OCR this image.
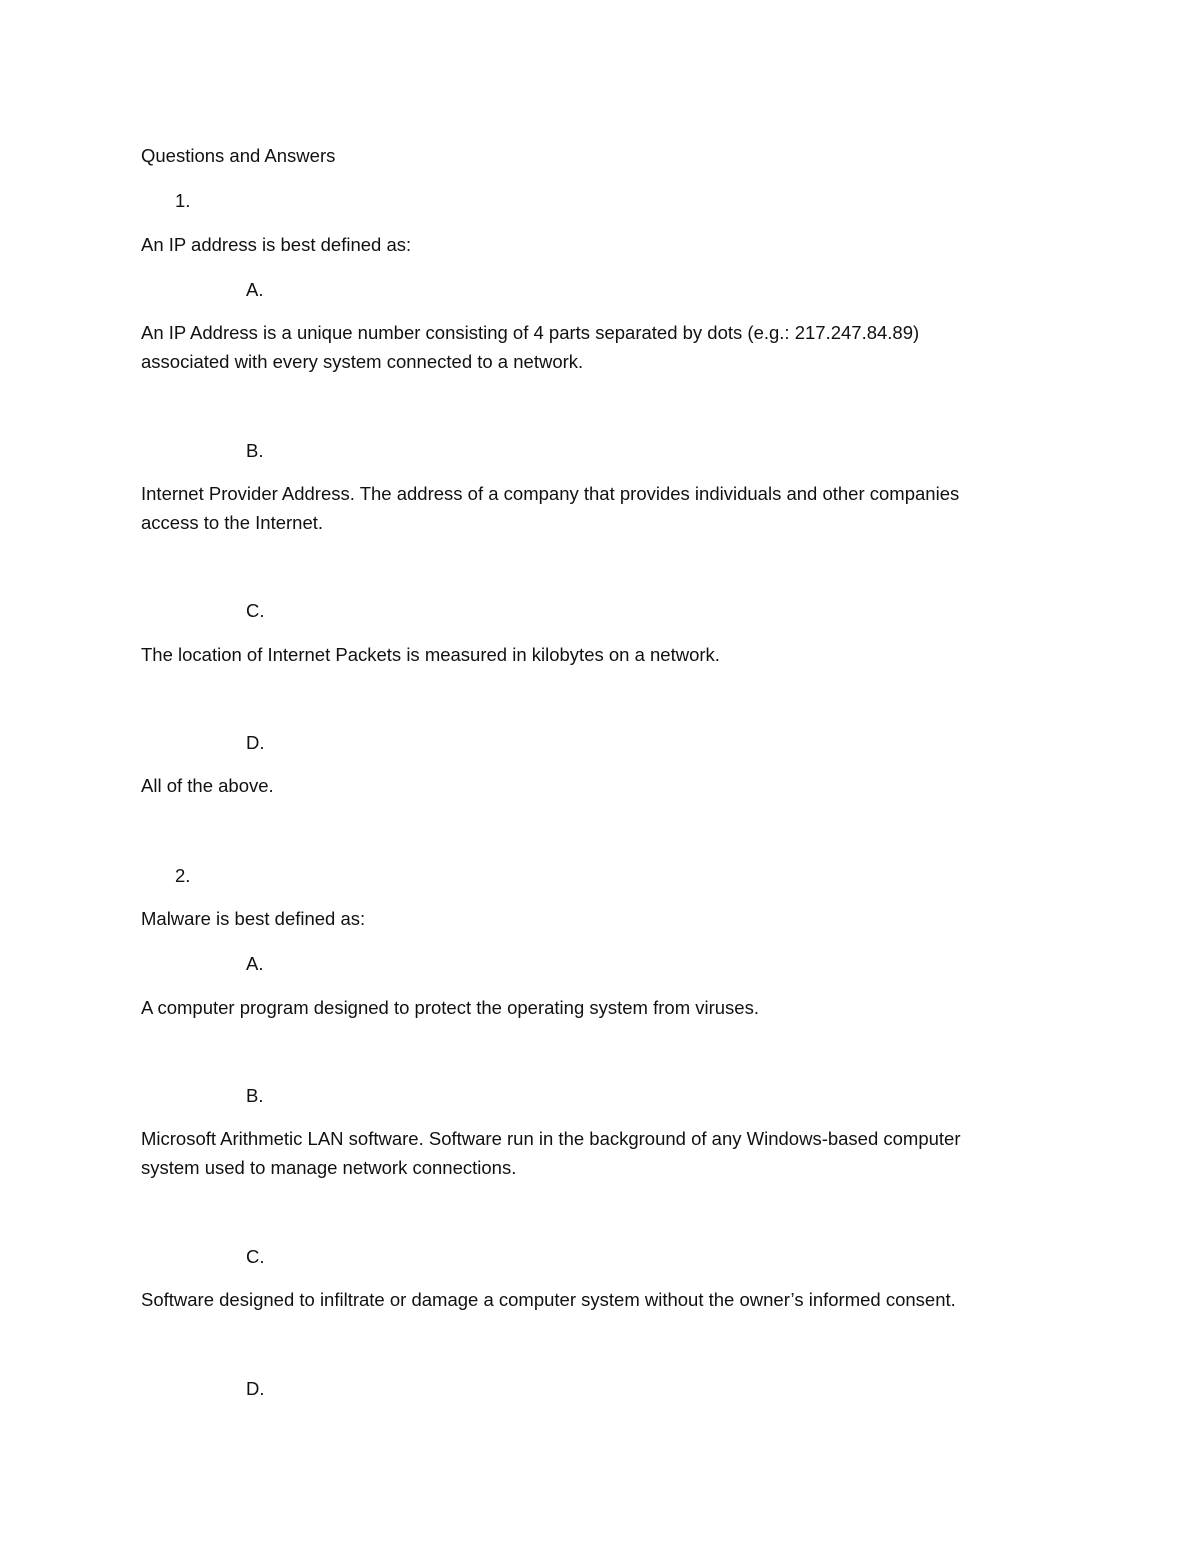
Questions and Answers

1.

An IP address is best defined as:

A.

An IP Address is a unique number consisting of 4 parts separated by dots (e.g.: 217.247.84.89)

associated with every system connected to a network.

B.

Internet Provider Address. The address of a company that provides individuals and other companies

access to the Internet.

C.

The location of Internet Packets is measured in kilobytes on a network.

D.

All of the above.

2.

Malware is best defined as:

A.

A computer program designed to protect the operating system from viruses.

B.

Microsoft Arithmetic LAN software. Software run in the background of any Windows-based computer

system used to manage network connections.

C.

Software designed to infiltrate or damage a computer system without the owner’s informed consent.

D.
